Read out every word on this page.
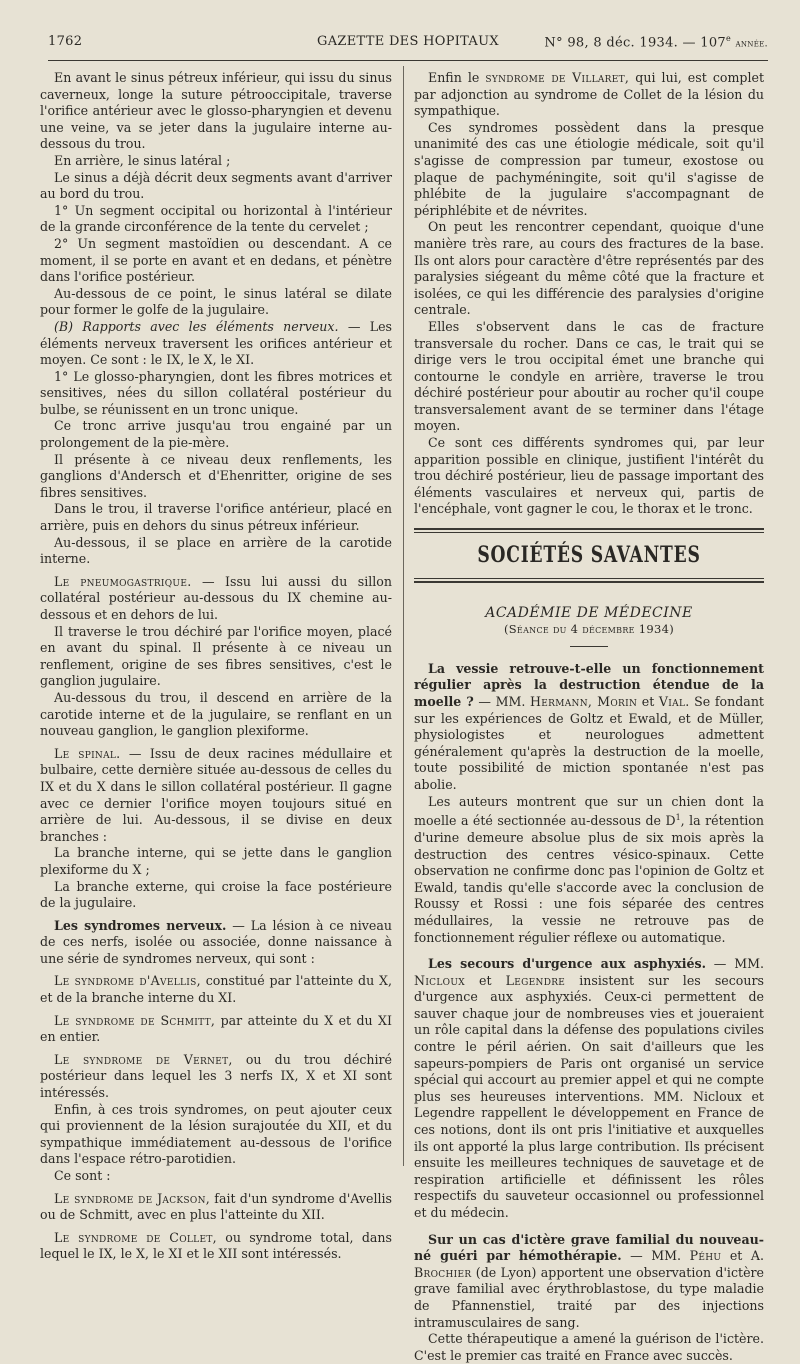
1762	GAZETTE DES HOPITAUX	N° 98, 8 déc. 1934. — 107e année.

En avant le sinus pétreux inférieur, qui issu du sinus caverneux, longe la suture pétrooccipitale, traverse l'orifice antérieur avec le glosso-pharyngien et devenu une veine, va se jeter dans la jugulaire interne au-dessous du trou.

En arrière, le sinus latéral ;

Le sinus a déjà décrit deux segments avant d'arriver au bord du trou.

1° Un segment occipital ou horizontal à l'intérieur de la grande circonférence de la tente du cervelet ;

2° Un segment mastoïdien ou descendant. A ce moment, il se porte en avant et en dedans, et pénètre dans l'orifice postérieur.

Au-dessous de ce point, le sinus latéral se dilate pour former le golfe de la jugulaire.

(B) Rapports avec les éléments nerveux. — Les éléments nerveux traversent les orifices antérieur et moyen. Ce sont : le IX, le X, le XI.

1° Le glosso-pharyngien, dont les fibres motrices et sensitives, nées du sillon collatéral postérieur du bulbe, se réunissent en un tronc unique.

Ce tronc arrive jusqu'au trou engainé par un prolongement de la pie-mère.

Il présente à ce niveau deux renflements, les ganglions d'Andersch et d'Ehenritter, origine de ses fibres sensitives.

Dans le trou, il traverse l'orifice antérieur, placé en arrière, puis en dehors du sinus pétreux inférieur.

Au-dessous, il se place en arrière de la carotide interne.

Le pneumogastrique. — Issu lui aussi du sillon collatéral postérieur au-dessous du IX chemine au-dessous et en dehors de lui.

Il traverse le trou déchiré par l'orifice moyen, placé en avant du spinal. Il présente à ce niveau un renflement, origine de ses fibres sensitives, c'est le ganglion jugulaire.

Au-dessous du trou, il descend en arrière de la carotide interne et de la jugulaire, se renflant en un nouveau ganglion, le ganglion plexiforme.

Le spinal. — Issu de deux racines médullaire et bulbaire, cette dernière située au-dessous de celles du IX et du X dans le sillon collatéral postérieur. Il gagne avec ce dernier l'orifice moyen toujours situé en arrière de lui. Au-dessous, il se divise en deux branches :

La branche interne, qui se jette dans le ganglion plexiforme du X ;

La branche externe, qui croise la face postérieure de la jugulaire.

Les syndromes nerveux. — La lésion à ce niveau de ces nerfs, isolée ou associée, donne naissance à une série de syndromes nerveux, qui sont :

Le syndrome d'Avellis, constitué par l'atteinte du X, et de la branche interne du XI.

Le syndrome de Schmitt, par atteinte du X et du XI en entier.

Le syndrome de Vernet, ou du trou déchiré postérieur dans lequel les 3 nerfs IX, X et XI sont intéressés.

Enfin, à ces trois syndromes, on peut ajouter ceux qui proviennent de la lésion surajoutée du XII, et du sympathique immédiatement au-dessous de l'orifice dans l'espace rétro-parotidien.

Ce sont :

Le syndrome de Jackson, fait d'un syndrome d'Avellis ou de Schmitt, avec en plus l'atteinte du XII.

Le syndrome de Collet, ou syndrome total, dans lequel le IX, le X, le XI et le XII sont intéressés.

Enfin le syndrome de Villaret, qui lui, est complet par adjonction au syndrome de Collet de la lésion du sympathique.

Ces syndromes possèdent dans la presque unanimité des cas une étiologie médicale, soit qu'il s'agisse de compression par tumeur, exostose ou plaque de pachyméningite, soit qu'il s'agisse de phlébite de la jugulaire s'accompagnant de périphlébite et de névrites.

On peut les rencontrer cependant, quoique d'une manière très rare, au cours des fractures de la base. Ils ont alors pour caractère d'être représentés par des paralysies siégeant du même côté que la fracture et isolées, ce qui les différencie des paralysies d'origine centrale.

Elles s'observent dans le cas de fracture transversale du rocher. Dans ce cas, le trait qui se dirige vers le trou occipital émet une branche qui contourne le condyle en arrière, traverse le trou déchiré postérieur pour aboutir au rocher qu'il coupe transversalement avant de se terminer dans l'étage moyen.

Ce sont ces différents syndromes qui, par leur apparition possible en clinique, justifient l'intérêt du trou déchiré postérieur, lieu de passage important des éléments vasculaires et nerveux qui, partis de l'encéphale, vont gagner le cou, le thorax et le tronc.

SOCIÉTÉS SAVANTES

ACADÉMIE DE MÉDECINE

(Séance du 4 décembre 1934)

La vessie retrouve-t-elle un fonctionnement régulier après la destruction étendue de la moelle ? — MM. Hermann, Morin et Vial. Se fondant sur les expériences de Goltz et Ewald, et de Müller, physiologistes et neurologues admettent généralement qu'après la destruction de la moelle, toute possibilité de miction spontanée n'est pas abolie.

Les auteurs montrent que sur un chien dont la moelle a été sectionnée au-dessous de $D^1$, la rétention d'urine demeure absolue plus de six mois après la destruction des centres vésico-spinaux. Cette observation ne confirme donc pas l'opinion de Goltz et Ewald, tandis qu'elle s'accorde avec la conclusion de Roussy et Rossi : une fois séparée des centres médullaires, la vessie ne retrouve pas de fonctionnement régulier réflexe ou automatique.

Les secours d'urgence aux asphyxiés. — MM. Nicloux et Legendre insistent sur les secours d'urgence aux asphyxiés. Ceux-ci permettent de sauver chaque jour de nombreuses vies et joueraient un rôle capital dans la défense des populations civiles contre le péril aérien. On sait d'ailleurs que les sapeurs-pompiers de Paris ont organisé un service spécial qui accourt au premier appel et qui ne compte plus ses heureuses interventions. MM. Nicloux et Legendre rappellent le développement en France de ces notions, dont ils ont pris l'initiative et auxquelles ils ont apporté la plus large contribution. Ils précisent ensuite les meilleures techniques de sauvetage et de respiration artificielle et définissent les rôles respectifs du sauveteur occasionnel ou professionnel et du médecin.

Sur un cas d'ictère grave familial du nouveau-né guéri par hémothérapie. — MM. Péhu et A. Brochier (de Lyon) apportent une observation d'ictère grave familial avec érythroblastose, du type maladie de Pfannenstiel, traité par des injections intramusculaires de sang.

Cette thérapeutique a amené la guérison de l'ictère. C'est le premier cas traité en France avec succès.
